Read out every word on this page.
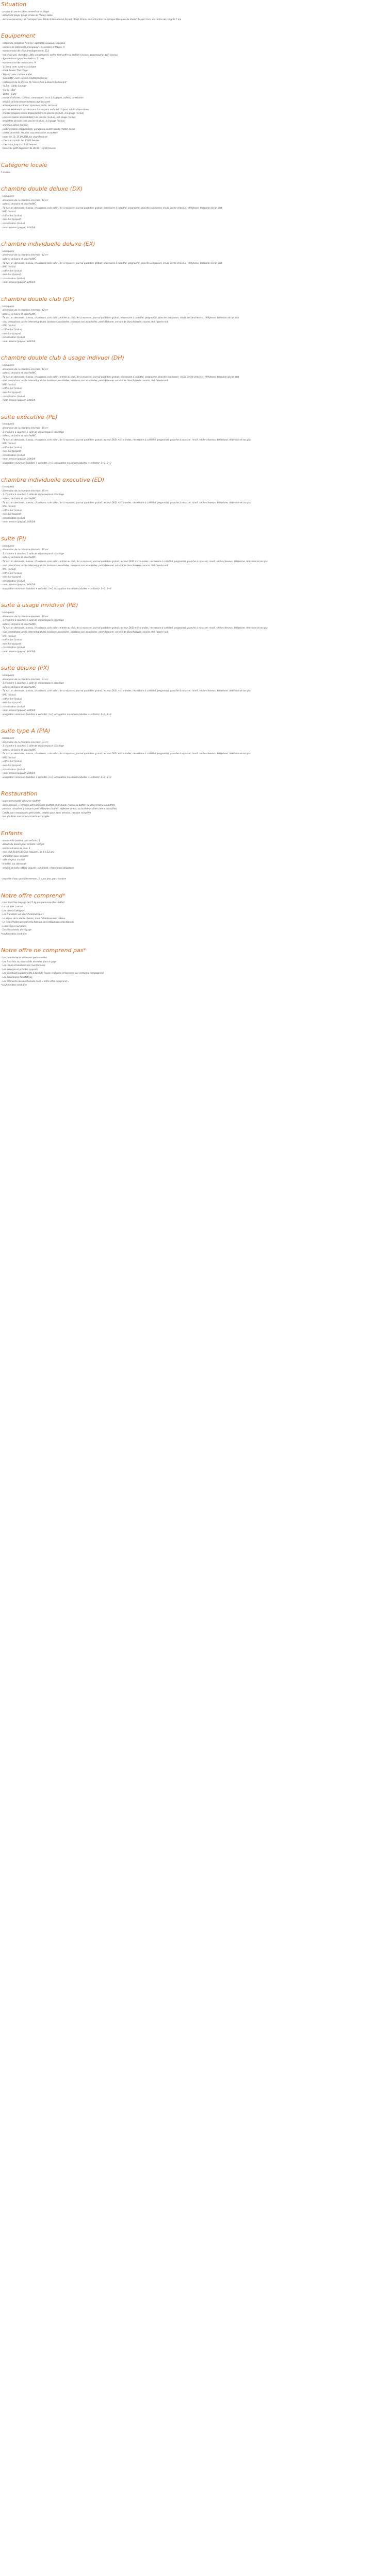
Situation
- proche du centre, directement sur la plage
- détails de plage: plage privée de l'hôtel, sable
- distance (environ): de l'aéroport Abu Dhabi International Airport (AUH) 30 km, de l'attraction touristique Mosquée de Sheikh Zayed 3 km, du centre de congrès 7 km
Equipement
- nature du complexe hôtelier: agréable, luxueux, spacieux
- nombre de bâtiments principaux: 16; nombre d'étages: 9
- nombre total de chambres/logements: 112
- hall d'accueil, réception, 24h; conciergerie; coffre-fort/ coffre (à l'hôtel) (inclus); ascenseur(s); WiFi (inclus)
- âge minimum pour le check-in: 21 ans
- nombre total de restaurants: 9
- 'Li Jiang' avec cuisine asiatique
- steak house 'The Forge'
- 'Mijana' avec cuisine arabe
- 'Giornotte' avec cuisine méditerranéenne
- restaurant de la piscine 'N Fresco Pool & Beach Restaurant'
- 'ALBA - Lobby Lounge'
- 'Sur.ra - Bar'
- 'Dolce - Cafe'
- centre d'affaires, coiffeur, commerces, local à bagages, salle(s) de réunion
- service de blanchisserie/repassage (payant)
- aménagement extérieur: spacieux jardin, terrasse
- piscine extérieure: totale (sans bassin pour enfants): 2 (pour adults disponibles)
- chaises longues (selon disponibilité) à la piscine (inclus), à la plage (inclus)
- parasols (selon disponibilité) à la piscine (inclus), à la plage (inclus)
- serviettes de bain: à la piscine (inclus), à la plage (inclus)
- animaux admis (inclus)
- parking (selon disponibilité), garage ou souterrain de l'hôtel: inclus
- cartes de crédit: les plus courantes sont acceptées
- taxes de 10, 15.00 AED par chambre/nuit
- check-in à partir de: 15:00 heures
- check-out jusqu'à 12:00 heures
- heure du petit-déjeuner: de 06:30 - 10:30 heures
Catégorie locale
5 étoiles
chambre double deluxe (DX)
- baraque(s)
- dimension de la chambre (environ): 42 m²
- salle(s) de bains et douche/WC
- TV sat. on demande, bureau, chaussons, coin salon, fer à repasser, journal quotidien gratuit, nécessaire à café/thé, peignoir(s), planche à repasser, rinvill, sèche-cheveux, téléphone, télévision écran plat
- WiFi (inclus)
- coffre-fort (inclus)
- mini-bar (payant)
- climatisation (inclus)
- room service (payant, 24h/24)
chambre individuelle deluxe (EX)
- baraque(s)
- dimension de la chambre (environ): 42 m²
- salle(s) de bains et douche/WC
- TV sat. on demande, bureau, chaussons, coin salon, fer à repasser, journal quotidien gratuit, nécessaire à café/thé, peignoir(s), planche à repasser, rinvill, sèche-cheveux, téléphone, télévision écran plat
- WiFi (inclus)
- coffre-fort (inclus)
- mini-bar (payant)
- climatisation (inclus)
- room service (payant, 24h/24)
chambre double club (DF)
- baraque(s)
- dimension de la chambre (environ): 42 m²
- salle(s) de bains et douche/WC
- TV sat. on demande, bureau, chaussons, coin salon, entrée au club, fer à repasser, journal quotidien gratuit, nécessaire à café/thé, peignoir(s), planche à repasser, rinvill, sèche-cheveux, téléphone, télévision écran plat
- club prestations: accès internet gratuite, boissons alcoolisées, boissons non alcoolisées, petit-déjeuner, service de blanchisserie, snacks, thé l'après-midi
- WiFi (inclus)
- coffre-fort (inclus)
- mini-bar (payant)
- climatisation (inclus)
- room service (payant, 24h/24)
chambre double club à usage indivuel (DH)
- baraque(s)
- dimension de la chambre (environ): 42 m²
- salle(s) de bains et douche/WC
- TV sat. on demande, bureau, chaussons, coin salon, entrée au club, fer à repasser, journal quotidien gratuit, nécessaire à café/thé, peignoir(s), planche à repasser, rinvill, sèche-cheveux, téléphone, télévision écran plat
- club prestations: accès internet gratuite, boissons alcoolisées, boissons non alcoolisées, petit-déjeuner, service de blanchisserie, snacks, thé l'après-midi
- WiFi (inclus)
- coffre-fort (inclus)
- mini-bar (payant)
- climatisation (inclus)
- room service (payant, 24h/24)
suite exécutive (PE)
- baraque(s)
- dimension de la chambre (environ): 85 m²
- 1 chambre à coucher, 1 salle de séjour/espace couchage
- salle(s) de bains et douche/WC
- TV sat. on demande, bureau, chaussons, coin salon, fer à repasser, journal quotidien gratuit, lecteur DVD, micro-ondes, nécessaire à café/thé, peignoir(s), planche à repasser, rinvill, sèche-cheveux, téléphone, télévision écran plat
- WiFi (inclus)
- coffre-fort (inclus)
- mini-bar (payant)
- climatisation (inclus)
- room service (payant, 24h/24)
- occupation minimum (adultes + enfants): 1+0, occupation maximum (adultes + enfants): 2+1, 3+0
chambre individuelle executive (ED)
- baraque(s)
- dimension de la chambre (environ): 85 m²
- 1 chambre à coucher, 1 salle de séjour/espace couchage
- salle(s) de bains et douche/WC
- TV sat. on demande, bureau, chaussons, coin salon, fer à repasser, journal quotidien gratuit, lecteur DVD, micro-ondes, nécessaire à café/thé, peignoir(s), planche à repasser, rinvill, sèche-cheveux, téléphone, télévision écran plat
- WiFi (inclus)
- coffre-fort (inclus)
- mini-bar (payant)
- climatisation (inclus)
- room service (payant, 24h/24)
suite (PI)
- baraque(s)
- dimension de la chambre (environ): 85 m²
- 1 chambre à coucher, 1 salle de séjour/espace couchage
- salle(s) de bains et douche/WC
- TV sat. on demande, bureau, chaussons, coin salon, entrée au club, fer à repasser, journal quotidien gratuit, lecteur DVD, micro-ondes, nécessaire à café/thé, peignoir(s), planche à repasser, rinvill, sèche-cheveux, téléphone, télévision écran plat
- club prestations: accès internet gratuite, boissons alcoolisées, boissons non alcoolisées, petit-déjeuner, service de blanchisserie, snacks, thé l'après-midi
- WiFi (inclus)
- coffre-fort (inclus)
- mini-bar (payant)
- climatisation (inclus)
- room service (payant, 24h/24)
- occupation minimum (adultes + enfants): 1+0, occupation maximum (adultes + enfants): 2+1, 3+0
suite à usage invidivel (PB)
- baraque(s)
- dimension de la chambre (environ): 85 m²
- 1 chambre à coucher, 1 salle de séjour/espace couchage
- salle(s) de bains et douche/WC
- TV sat. on demande, bureau, chaussons, coin salon, entrée au club, fer à repasser, journal quotidien gratuit, lecteur DVD, micro-ondes, nécessaire à café/thé, peignoir(s), planche à repasser, rinvill, sèche-cheveux, téléphone, télévision écran plat
- club prestations: accès internet gratuite, boissons alcoolisées, boissons non alcoolisées, petit-déjeuner, service de blanchisserie, snacks, thé l'après-midi
- WiFi (inclus)
- coffre-fort (inclus)
- mini-bar (payant)
- climatisation (inclus)
- room service (payant, 24h/24)
suite deluxe (PX)
- baraque(s)
- dimension de la chambre (environ): 91 m²
- 1 chambre à coucher, 1 salle de séjour/espace couchage
- salle(s) de bains et douche/WC
- TV sat. on demande, bureau, chaussons, coin salon, fer à repasser, journal quotidien gratuit, lecteur DVD, micro-ondes, nécessaire à café/thé, peignoir(s), planche à repasser, rinvill, sèche-cheveux, téléphone, télévision écran plat
- WiFi (inclus)
- coffre-fort (inclus)
- mini-bar (payant)
- climatisation (inclus)
- room service (payant, 24h/24)
- occupation minimum (adultes + enfants): 1+0, occupation maximum (adultes + enfants): 2+1, 3+0
suite type A (PIA)
- baraque(s)
- dimension de la chambre (environ): 91 m²
- 1 chambre à coucher, 1 salle de séjour/espace couchage
- salle(s) de bains et douche/WC
- TV sat. on demande, bureau, chaussons, coin salon, fer à repasser, journal quotidien gratuit, lecteur DVD, micro-ondes, nécessaire à café/thé, peignoir(s), planche à repasser, rinvill, sèche-cheveux, téléphone, télévision écran plat
- WiFi (inclus)
- coffre-fort (inclus)
- mini-bar (payant)
- climatisation (inclus)
- room service (payant, 24h/24)
- occupation minimum (adultes + enfants): 1+0, occupation maximum (adultes + enfants): 2+1, 3+0
Restauration
- logement et petit-déjeuner (buffet)
- demi pension, y compris petit-déjeuner (buffet) et déjeuner (menu au buffet) ou dîner (menu au buffet)
- pension complète, y compris petit-déjeuner (buffet), déjeuner (menu au buffet) et dîner (menu au buffet)
- Crédit pour restaurants spécialisés, valable pour demi pension, pension complète
- lors du dîner une tenue correcte est exigée
Enfants
- nombre de bassins pour enfants: 1
- détails du bassin pour enfants: intégré
- nombre d'aires de jeux: 1
- mini club Kidz Kids Club (payant), de 4 à 12 ans
- animation pour enfants
- salle de jeux (inclus)
- lit bébé, sur demande
- service de baby-sitting (payant, sur place), réservation obligatoire
- boutelle d'eau quotidiennement, 1 x par jour, par chambre
Notre offre comprend*
- Une franchise bagage de 15 kg par personne (hors bébé)
- Le vol aller / retour
- Les taxes d'aéroport.
- Les transferts aéroport/hôtel/aéroport.
- Le séjour de la durée choisie, dans l'établissement retenu.
- Le type d'hébergement et la formule de restauration sélectionnés.
- L'assistance sur place.
- Des documents de voyage.
*sauf mention contraire
Notre offre ne comprend pas*
- Les pourboires et dépenses personnelles
- Les frais liés aux formalités données dans le pays
- Les repas et boissons non mentionnées
- Les services et activités payants
- Les éventuels suppléments à bord de l'avion (collation et boissons sur certaines compagnies)
- Les assurances facultatives
- Les éléments non mentionnés dans « notre offre comprend »
*sauf mention contraire
